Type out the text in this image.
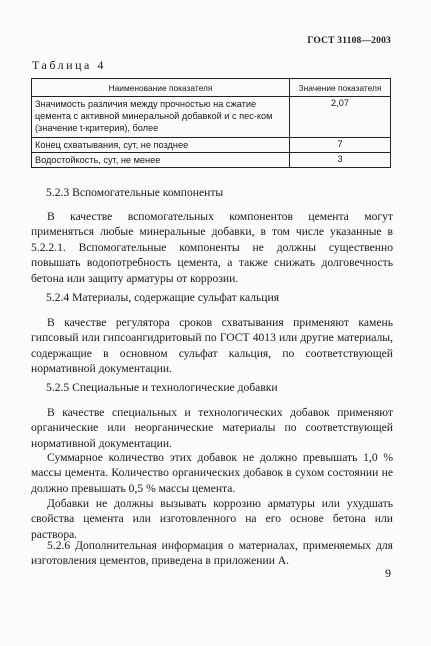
ГОСТ 31108—2003
Таблица 4
Наименование показателя	Значение показателя
Значимость различия между прочностью на сжатие цемента с активной минеральной добавкой и с пес-ком (значение t-критерия), более	2,07
Конец схватывания, сут, не позднее	7
Водостойкость, сут, не менее	3
5.2.3 Вспомогательные компоненты

В качестве вспомогательных компонентов цемента могут применяться любые минеральные добавки, в том числе указанные в 5.2.2.1. Вспомогательные компоненты не должны существенно повышать водопотребность цемента, а также снижать долговечность бетона или защиту арматуры от коррозии.

5.2.4 Материалы, содержащие сульфат кальция

В качестве регулятора сроков схватывания применяют камень гипсовый или гипсоангидритовый по ГОСТ 4013 или другие материалы, содержащие в основном сульфат кальция, по соответствующей нормативной документации.

5.2.5 Специальные и технологические добавки

В качестве специальных и технологических добавок применяют органические или неорганические материалы по соответствующей нормативной документации.

Суммарное количество этих добавок не должно превышать 1,0 % массы цемента. Количество органических добавок в сухом состоянии не должно превышать 0,5 % массы цемента.

Добавки не должны вызывать коррозию арматуры или ухудшать свойства цемента или изготовленного на его основе бетона или раствора.

5.2.6 Дополнительная информация о материалах, применяемых для изготовления цементов, приведена в приложении А.

9
